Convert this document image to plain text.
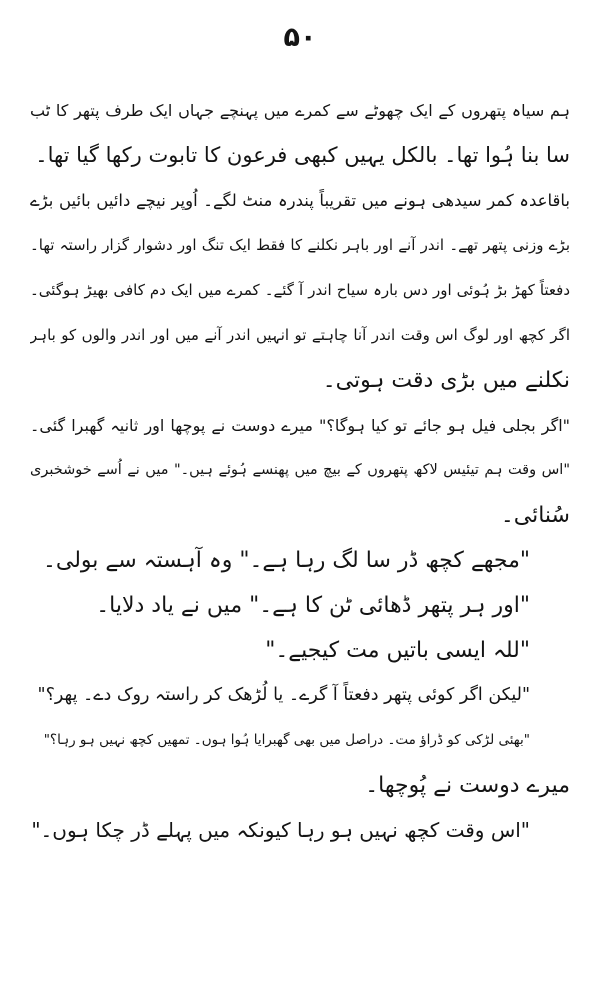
۵۰
ہم سیاہ پتھروں کے ایک چھوٹے سے کمرے میں پہنچے جہاں ایک طرف پتھر کا ٹب
سا بنا ہُوا تھا۔ بالکل یہیں کبھی فرعون کا تابوت رکھا گیا تھا۔
باقاعدہ کمر سیدھی ہونے میں تقریباً پندرہ منٹ لگے۔ اُوپر نیچے دائیں بائیں بڑے
بڑے وزنی پتھر تھے۔ اندر آنے اور باہر نکلنے کا فقط ایک تنگ اور دشوار گزار راستہ تھا۔
دفعتاً کھڑ بڑ ہُوئی اور دس بارہ سیاح اندر آ گئے۔ کمرے میں ایک دم کافی بھیڑ ہوگئی۔
اگر کچھ اور لوگ اس وقت اندر آنا چاہتے تو انہیں اندر آنے میں اور اندر والوں کو باہر
نکلنے میں بڑی دقت ہوتی۔
"اگر بجلی فیل ہو جائے تو کیا ہوگا؟" میرے دوست نے پوچھا اور ثانیہ گھبرا گئی۔
"اس وقت ہم تیئیس لاکھ پتھروں کے بیچ میں پھنسے ہُوئے ہیں۔" میں نے اُسے خوشخبری
سُنائی۔
"مجھے کچھ ڈر سا لگ رہا ہے۔" وہ آہستہ سے بولی۔
"اور ہر پتھر ڈھائی ٹن کا ہے۔" میں نے یاد دلایا۔
"للہ ایسی باتیں مت کیجیے۔"
"لیکن اگر کوئی پتھر دفعتاً آ گرے۔ یا لُڑھک کر راستہ روک دے۔ پھر؟"
"بھئی لڑکی کو ڈراؤ مت۔ دراصل میں بھی گھبرایا ہُوا ہوں۔ تمھیں کچھ نہیں ہو رہا؟"
میرے دوست نے پُوچھا۔
"اس وقت کچھ نہیں ہو رہا کیونکہ میں پہلے ڈر چکا ہوں۔"
